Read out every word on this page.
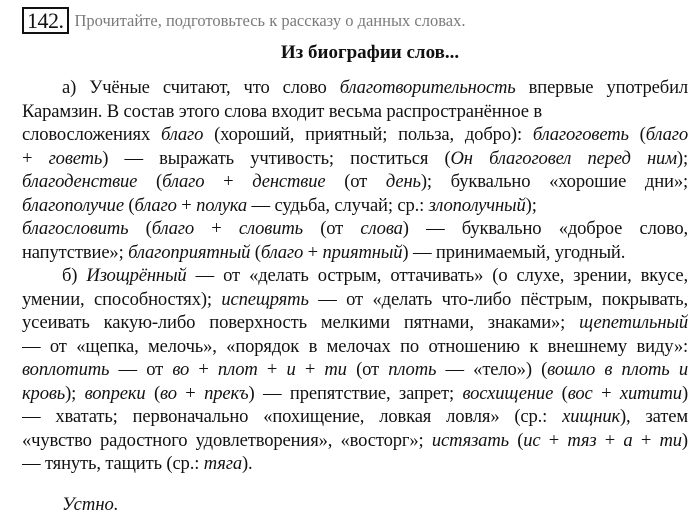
142. Прочитайте, подготовьтесь к рассказу о данных словах.
Из биографии слов...
а) Учёные считают, что слово благотворительность впервые употребил
Карамзин. В состав этого слова входит весьма распространённое в
словосложениях благо (хороший, приятный; польза, добро): благоговеть (благо
+ говеть) — выражать учтивость; поститься (Он благоговел перед ним);
благоденствие (благо + денствие (от день); буквально «хорошие дни»;
благополучие (благо + полука — судьба, случай; ср.: злополучный);
благословить (благо + словить (от слова) — буквально «доброе слово,
напутствие»; благоприятный (благо + приятный) — принимаемый, угодный.
б) Изощрённый — от «делать острым, оттачивать» (о слухе, зрении, вкусе,
умении, способностях); испещрять — от «делать что-либо пёстрым, покрывать,
усеивать какую-либо поверхность мелкими пятнами, знаками»; щепетильный
— от «щепка, мелочь», «порядок в мелочах по отношению к внешнему виду»:
воплотить — от во + плот + и + ти (от плоть — «тело») (вошло в плоть и
кровь); вопреки (во + прекъ) — препятствие, запрет; восхищение (вос + хитити)
— хватать; первоначально «похищение, ловкая ловля» (ср.: хищник), затем
«чувство радостного удовлетворения», «восторг»; истязать (ис + тяз + а + ти)
— тянуть, тащить (ср.: тяга).
Устно.
